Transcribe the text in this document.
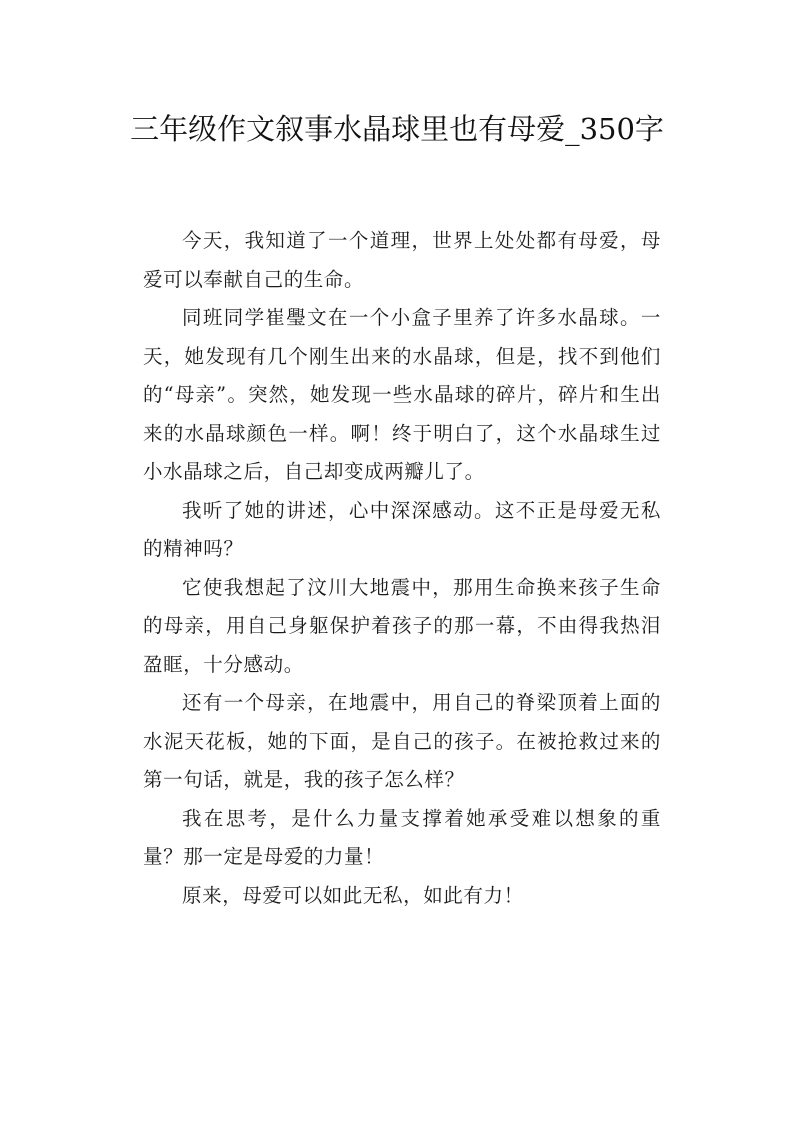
三年级作文叙事水晶球里也有母爱_350字

今天，我知道了一个道理，世界上处处都有母爱，母爱可以奉献自己的生命。

同班同学崔璺文在一个小盒子里养了许多水晶球。一天，她发现有几个刚生出来的水晶球，但是，找不到他们的“母亲”。突然，她发现一些水晶球的碎片，碎片和生出来的水晶球颜色一样。啊！终于明白了，这个水晶球生过小水晶球之后，自己却变成两瓣儿了。

我听了她的讲述，心中深深感动。这不正是母爱无私的精神吗？

它使我想起了汶川大地震中，那用生命换来孩子生命的母亲，用自己身躯保护着孩子的那一幕，不由得我热泪盈眶，十分感动。

还有一个母亲，在地震中，用自己的脊梁顶着上面的水泥天花板，她的下面，是自己的孩子。在被抢救过来的第一句话，就是，我的孩子怎么样？

我在思考，是什么力量支撑着她承受难以想象的重量？那一定是母爱的力量！

原来，母爱可以如此无私，如此有力！
